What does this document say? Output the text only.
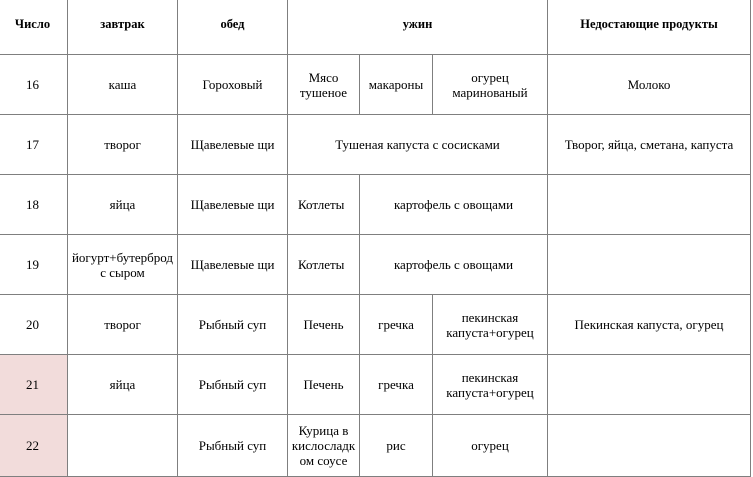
Число	завтрак	обед	ужин			Недостающие продукты
16	каша	Гороховый	Мясо тушеное	макароны	огурец маринованый	Молоко
17	творог	Щавелевые щи	Тушеная капуста с сосисками			Творог, яйца, сметана, капуста
18	яйца	Щавелевые щи	Котлеты	картофель с овощами		
19	йогурт+бутерброд с сыром	Щавелевые щи	Котлеты	картофель с овощами		
20	творог	Рыбный суп	Печень	гречка	пекинская капуста+огурец	Пекинская капуста, огурец
21	яйца	Рыбный суп	Печень	гречка	пекинская капуста+огурец	
22		Рыбный суп	Курица в кислосладк ом соусе	рис	огурец	
